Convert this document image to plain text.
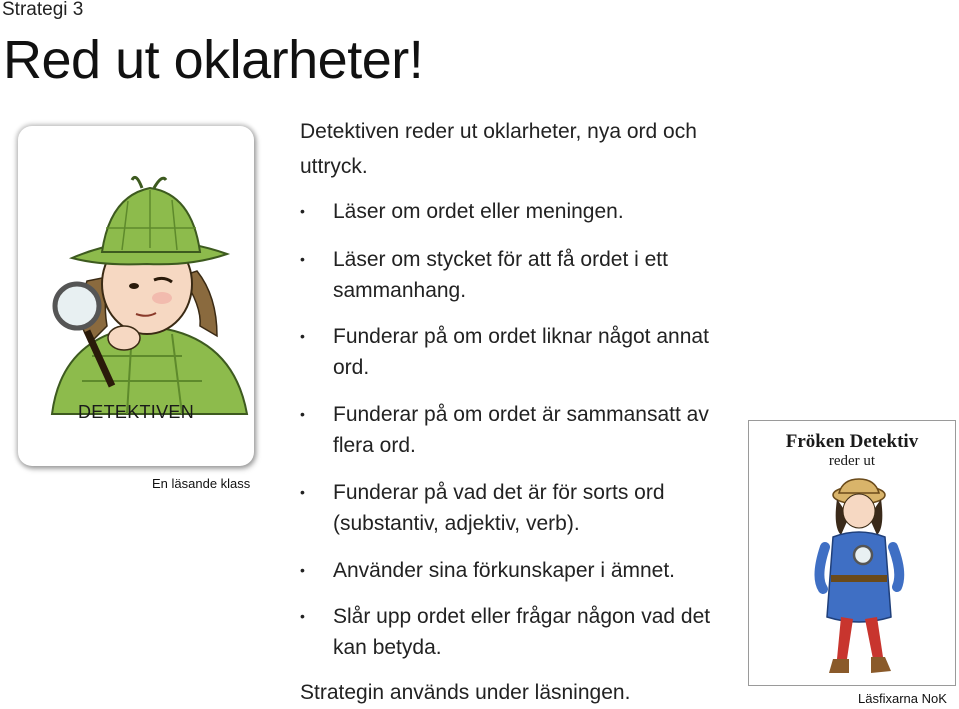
Strategi 3
Red ut oklarheter!
DETEKTIVEN
En läsande klass
Detektiven reder ut oklarheter, nya ord och uttryck.
•	Läser om ordet eller meningen.
•	Läser om stycket för att få ordet i ett sammanhang.
•	Funderar på om ordet liknar något annat ord.
•	Funderar på om ordet är sammansatt av flera ord.
•	Funderar på vad det är för sorts ord (substantiv, adjektiv, verb).
•	Använder sina förkunskaper i ämnet.
•	Slår upp ordet eller frågar någon vad det kan betyda.
Strategin används under läsningen.
Fröken Detektiv
reder ut
Läsfixarna NoK
